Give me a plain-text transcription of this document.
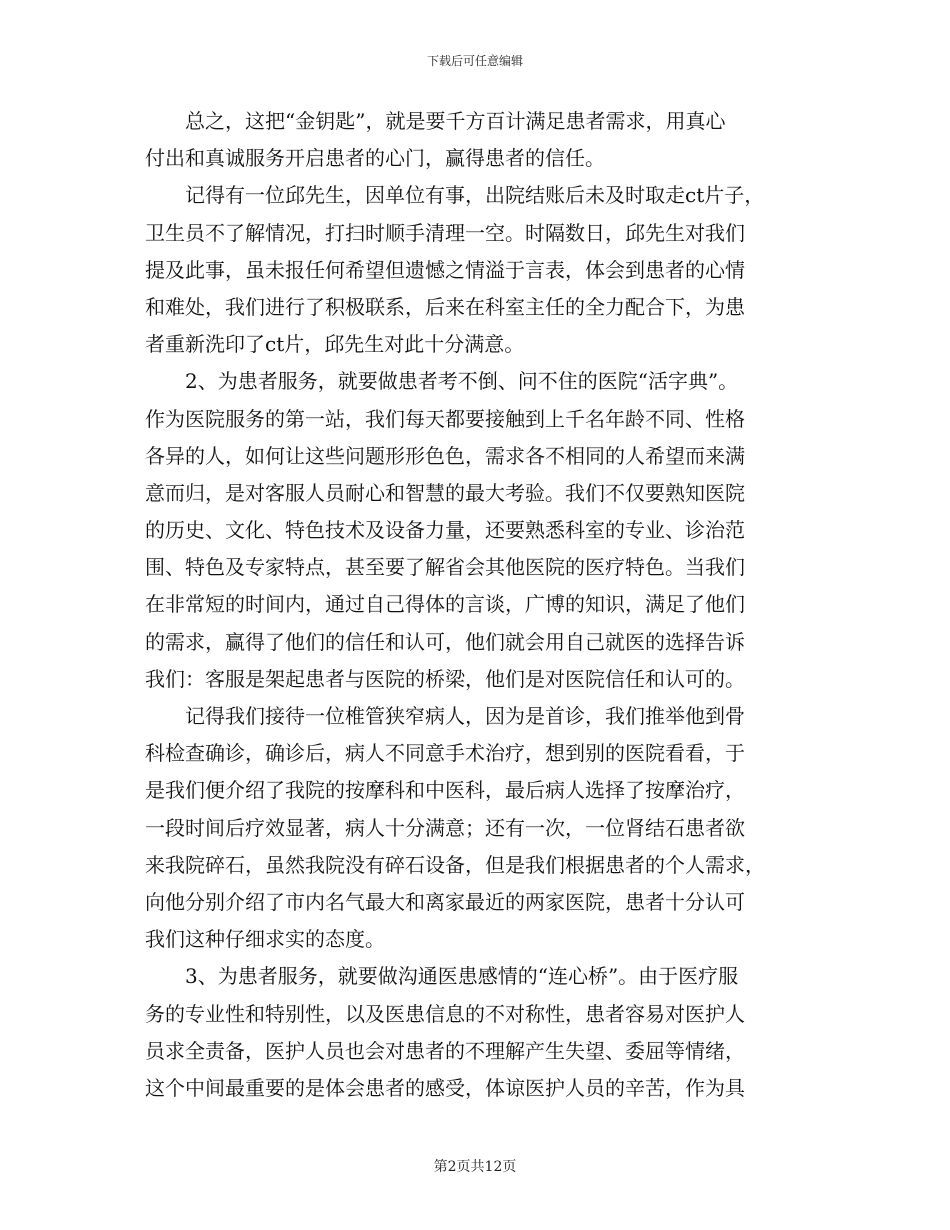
下载后可任意编辑
总之，这把“金钥匙”，就是要千方百计满足患者需求，用真心
付出和真诚服务开启患者的心门，赢得患者的信任。
记得有一位邱先生，因单位有事，出院结账后未及时取走ct片子，
卫生员不了解情况，打扫时顺手清理一空。时隔数日，邱先生对我们
提及此事，虽未报任何希望但遗憾之情溢于言表，体会到患者的心情
和难处，我们进行了积极联系，后来在科室主任的全力配合下，为患
者重新洗印了ct片，邱先生对此十分满意。
2、为患者服务，就要做患者考不倒、问不住的医院“活字典”。
作为医院服务的第一站，我们每天都要接触到上千名年龄不同、性格
各异的人，如何让这些问题形形色色，需求各不相同的人希望而来满
意而归，是对客服人员耐心和智慧的最大考验。我们不仅要熟知医院
的历史、文化、特色技术及设备力量，还要熟悉科室的专业、诊治范
围、特色及专家特点，甚至要了解省会其他医院的医疗特色。当我们
在非常短的时间内，通过自己得体的言谈，广博的知识，满足了他们
的需求，赢得了他们的信任和认可，他们就会用自己就医的选择告诉
我们：客服是架起患者与医院的桥梁，他们是对医院信任和认可的。
记得我们接待一位椎管狭窄病人，因为是首诊，我们推举他到骨
科检查确诊，确诊后，病人不同意手术治疗，想到别的医院看看，于
是我们便介绍了我院的按摩科和中医科，最后病人选择了按摩治疗，
一段时间后疗效显著，病人十分满意；还有一次，一位肾结石患者欲
来我院碎石，虽然我院没有碎石设备，但是我们根据患者的个人需求，
向他分别介绍了市内名气最大和离家最近的两家医院，患者十分认可
我们这种仔细求实的态度。
3、为患者服务，就要做沟通医患感情的“连心桥”。由于医疗服
务的专业性和特别性，以及医患信息的不对称性，患者容易对医护人
员求全责备，医护人员也会对患者的不理解产生失望、委屈等情绪，
这个中间最重要的是体会患者的感受，体谅医护人员的辛苦，作为具
第2页共12页
